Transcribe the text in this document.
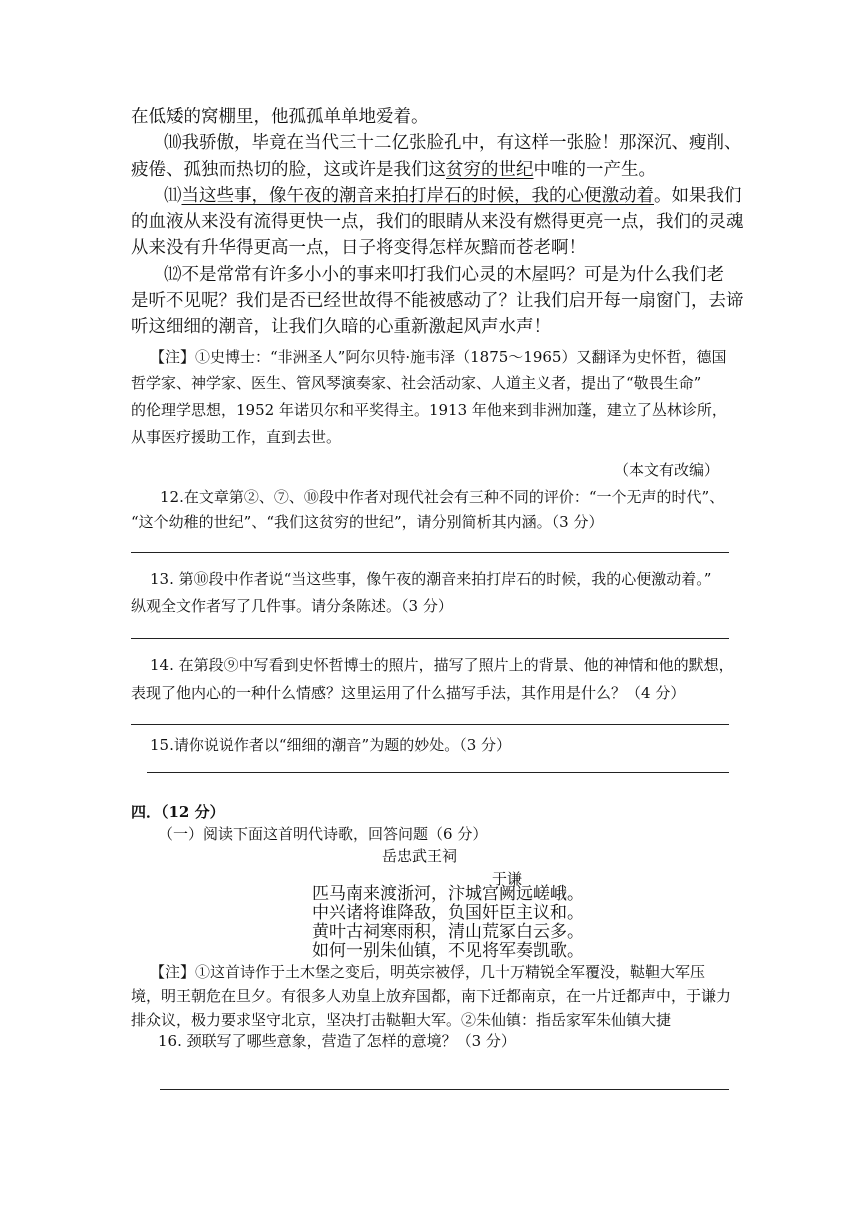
在低矮的窝棚里，他孤孤单单地爱着。
⑽我骄傲，毕竟在当代三十二亿张脸孔中，有这样一张脸！那深沉、瘦削、
疲倦、孤独而热切的脸，这或许是我们这贫穷的世纪中唯的一产生。
⑾当这些事，像午夜的潮音来拍打岸石的时候，我的心便激动着。如果我们
的血液从来没有流得更快一点，我们的眼睛从来没有燃得更亮一点，我们的灵魂
从来没有升华得更高一点，日子将变得怎样灰黯而苍老啊！
⑿不是常常有许多小小的事来叩打我们心灵的木屋吗？可是为什么我们老
是听不见呢？我们是否已经世故得不能被感动了？让我们启开每一扇窗门，去谛
听这细细的潮音，让我们久暗的心重新激起风声水声！
【注】①史博士：“非洲圣人”阿尔贝特·施韦泽（1875～1965）又翻译为史怀哲，德国
哲学家、神学家、医生、管风琴演奏家、社会活动家、人道主义者，提出了“敬畏生命”
的伦理学思想，1952 年诺贝尔和平奖得主。1913 年他来到非洲加蓬，建立了丛林诊所，
从事医疗援助工作，直到去世。
（本文有改编）
12.在文章第②、⑦、⑩段中作者对现代社会有三种不同的评价：“一个无声的时代”、
“这个幼稚的世纪”、“我们这贫穷的世纪”，请分别简析其内涵。（3 分）
13. 第⑩段中作者说“当这些事，像午夜的潮音来拍打岸石的时候，我的心便激动着。”
纵观全文作者写了几件事。请分条陈述。（3 分）
14. 在第段⑨中写看到史怀哲博士的照片，描写了照片上的背景、他的神情和他的默想，
表现了他内心的一种什么情感？这里运用了什么描写手法，其作用是什么？（4 分）
15.请你说说作者以“细细的潮音”为题的妙处。（3 分）
四．（12 分）
（一）阅读下面这首明代诗歌，回答问题（6 分）
岳忠武王祠
于谦
匹马南来渡浙河，汴城宫阙远嵯峨。
中兴诸将谁降敌，负国奸臣主议和。
黄叶古祠寒雨积，清山荒冢白云多。
如何一别朱仙镇，不见将军奏凯歌。
【注】①这首诗作于土木堡之变后，明英宗被俘，几十万精锐全军覆没，鞑靼大军压
境，明王朝危在旦夕。有很多人劝皇上放弃国都，南下迁都南京，在一片迁都声中，于谦力
排众议，极力要求坚守北京，坚决打击鞑靼大军。②朱仙镇：指岳家军朱仙镇大捷
16. 颈联写了哪些意象，营造了怎样的意境？（3 分）
